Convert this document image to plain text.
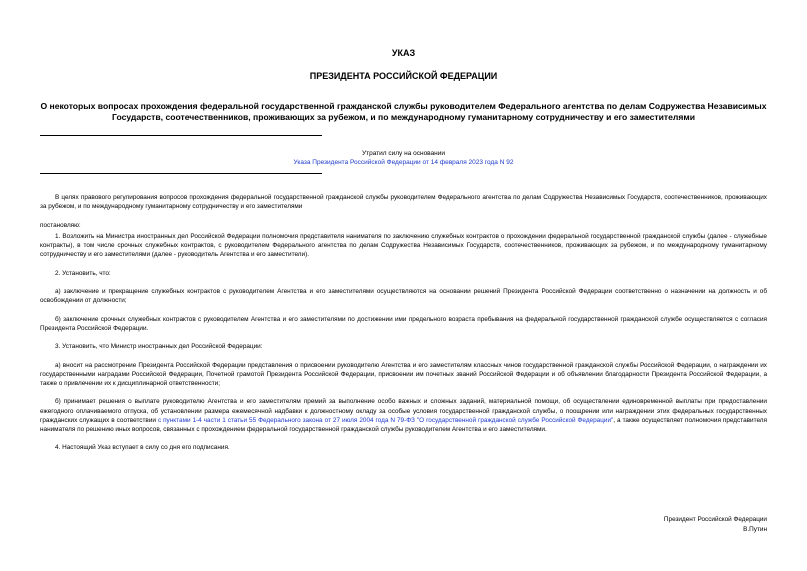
УКАЗ

ПРЕЗИДЕНТА РОССИЙСКОЙ ФЕДЕРАЦИИ

О некоторых вопросах прохождения федеральной государственной гражданской службы руководителем Федерального агентства по делам Содружества Независимых Государств, соотечественников, проживающих за рубежом, и по международному гуманитарному сотрудничеству и его заместителями

Утратил силу на основании

Указа Президента Российской Федерации от 14 февраля 2023 года N 92

В целях правового регулирования вопросов прохождения федеральной государственной гражданской службы руководителем Федерального агентства по делам Содружества Независимых Государств, соотечественников, проживающих за рубежом, и по международному гуманитарному сотрудничеству и его заместителями

постановляю:

1. Возложить на Министра иностранных дел Российской Федерации полномочия представителя нанимателя по заключению служебных контрактов о прохождении федеральной государственной гражданской службы (далее - служебные контракты), в том числе срочных служебных контрактов, с руководителем Федерального агентства по делам Содружества Независимых Государств, соотечественников, проживающих за рубежом, и по международному гуманитарному сотрудничеству и его заместителями (далее - руководитель Агентства и его заместители).

2. Установить, что:

а) заключение и прекращение служебных контрактов с руководителем Агентства и его заместителями осуществляются на основании решений Президента Российской Федерации соответственно о назначении на должность и об освобождении от должности;

б) заключение срочных служебных контрактов с руководителем Агентства и его заместителями по достижении ими предельного возраста пребывания на федеральной государственной гражданской службе осуществляется с согласия Президента Российской Федерации.

3. Установить, что Министр иностранных дел Российской Федерации:

а) вносит на рассмотрение Президента Российской Федерации представления о присвоении руководителю Агентства и его заместителям классных чинов государственной гражданской службы Российской Федерации, о награждении их государственными наградами Российской Федерации, Почетной грамотой Президента Российской Федерации, присвоении им почетных званий Российской Федерации и об объявлении благодарности Президента Российской Федерации, а также о привлечении их к дисциплинарной ответственности;

б) принимает решения о выплате руководителю Агентства и его заместителям премий за выполнение особо важных и сложных заданий, материальной помощи, об осуществлении единовременной выплаты при предоставлении ежегодного оплачиваемого отпуска, об установлении размера ежемесячной надбавки к должностному окладу за особые условия государственной гражданской службы, о поощрении или награждении этих федеральных государственных гражданских служащих в соответствии с пунктами 1-4 части 1 статьи 55 Федерального закона от 27 июля 2004 года N 79-ФЗ "О государственной гражданской службе Российской Федерации", а также осуществляет полномочия представителя нанимателя по решению иных вопросов, связанных с прохождением федеральной государственной гражданской службы руководителем Агентства и его заместителями.

4. Настоящий Указ вступает в силу со дня его подписания.

Президент Российской Федерации

В.Путин
